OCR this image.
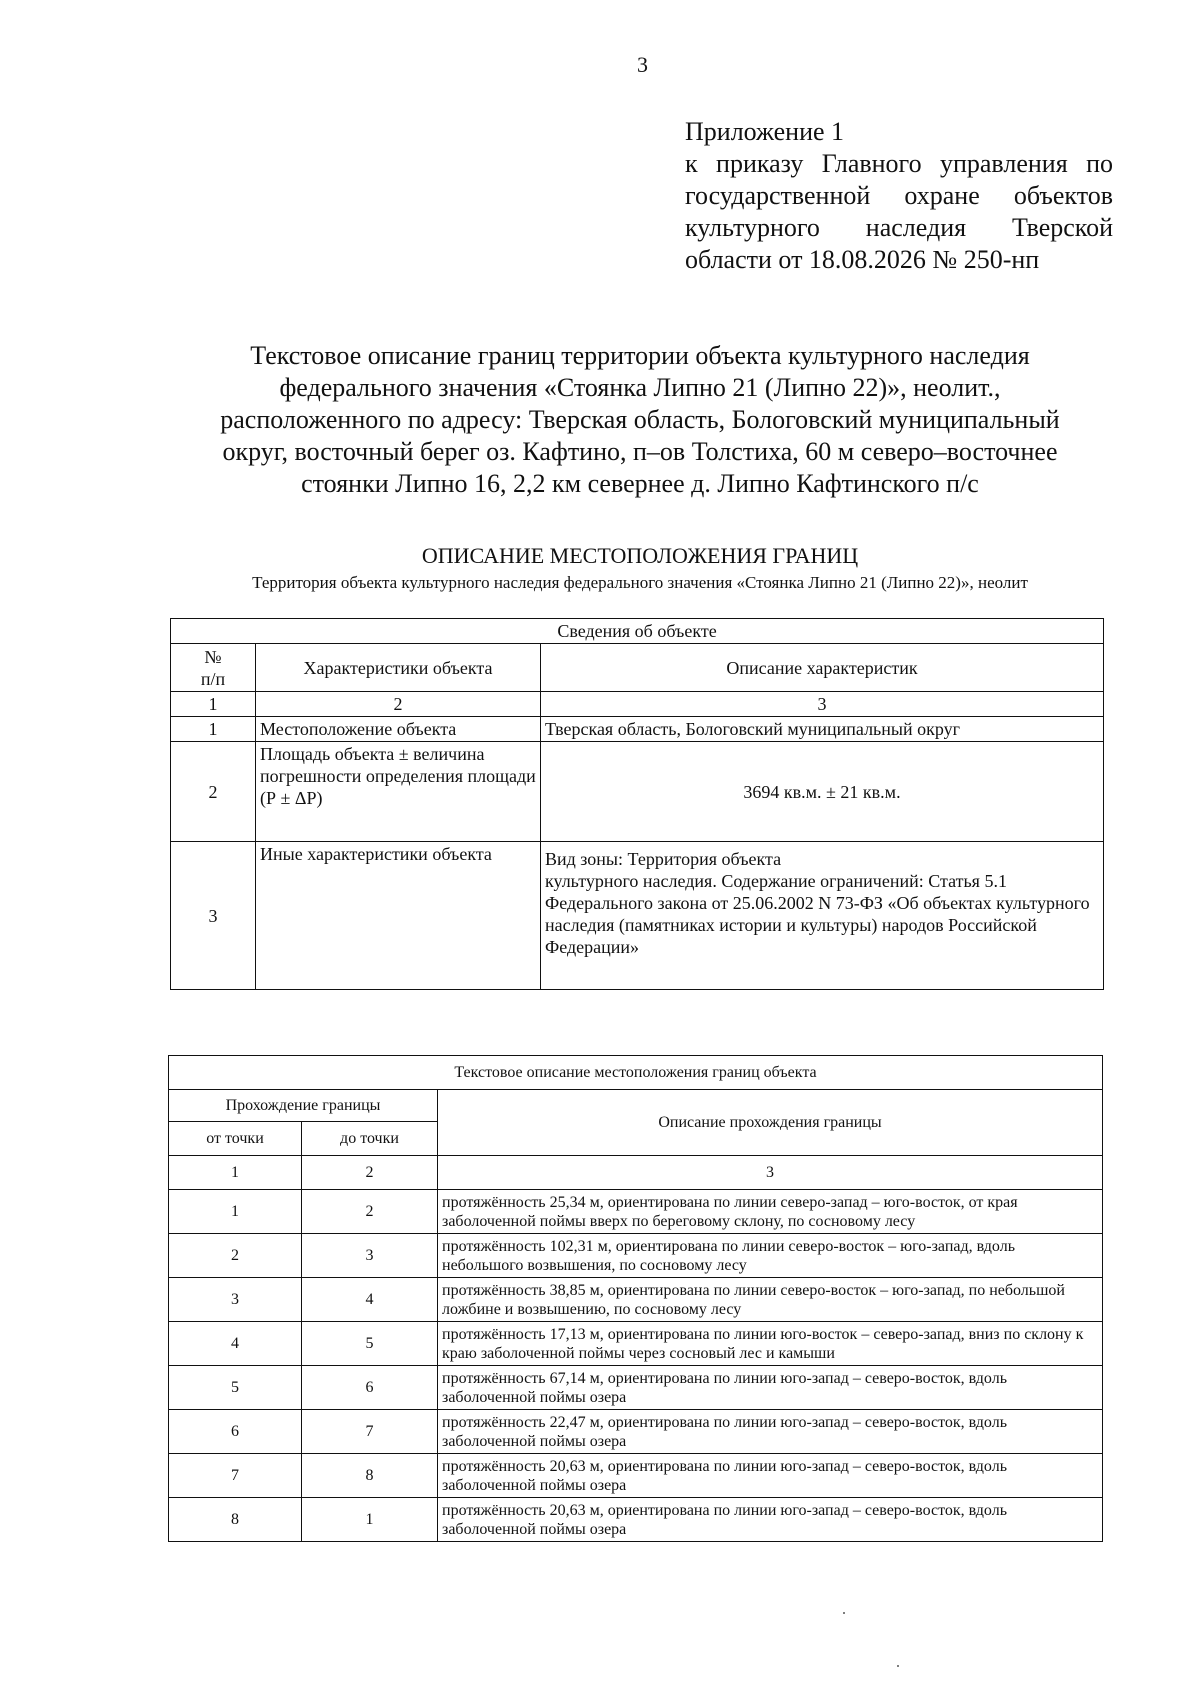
3
Приложение 1
к приказу Главного управления по
государственной охране объектов
культурного наследия Тверской
области от 18.08.2026 № 250-нп
Текстовое описание границ территории объекта культурного наследия
федерального значения «Стоянка Липно 21 (Липно 22)», неолит.,
расположенного по адресу: Тверская область, Бологовский муниципальный
округ, восточный берег оз. Кафтино, п–ов Толстиха, 60 м северо–восточнее
стоянки Липно 16, 2,2 км севернее д. Липно Кафтинского п/с
ОПИСАНИЕ МЕСТОПОЛОЖЕНИЯ ГРАНИЦ
Территория объекта культурного наследия федерального значения «Стоянка Липно 21 (Липно 22)», неолит
Сведения об объекте		
№
п/п	Характеристики объекта	Описание характеристик
1	2	3
1	Местоположение объекта	Тверская область, Бологовский муниципальный округ
2	Площадь объекта ± величина погрешности определения площади (Р ± ΔР)	3694 кв.м. ± 21 кв.м.
3	Иные характеристики объекта	Вид зоны: Территория объекта
культурного наследия. Содержание ограничений: Статья 5.1 Федерального закона от 25.06.2002 N 73-ФЗ «Об объектах культурного наследия (памятниках истории и культуры) народов Российской Федерации»
Текстовое описание местоположения границ объекта		
Прохождение границы		Описание прохождения границы
от точки	до точки	
1	2	3
1	2	протяжённость 25,34 м, ориентирована по линии северо-запад – юго-восток, от края заболоченной поймы вверх по береговому склону, по сосновому лесу
2	3	протяжённость 102,31 м, ориентирована по линии северо-восток – юго-запад, вдоль небольшого возвышения, по сосновому лесу
3	4	протяжённость 38,85 м, ориентирована по линии северо-восток – юго-запад, по небольшой ложбине и возвышению, по сосновому лесу
4	5	протяжённость 17,13 м, ориентирована по линии юго-восток – северо-запад, вниз по склону к краю заболоченной поймы через сосновый лес и камыши
5	6	протяжённость 67,14 м, ориентирована по линии юго-запад – северо-восток, вдоль заболоченной поймы озера
6	7	протяжённость 22,47 м, ориентирована по линии юго-запад – северо-восток, вдоль заболоченной поймы озера
7	8	протяжённость 20,63 м, ориентирована по линии юго-запад – северо-восток, вдоль заболоченной поймы озера
8	1	протяжённость 20,63 м, ориентирована по линии юго-запад – северо-восток, вдоль заболоченной поймы озера
